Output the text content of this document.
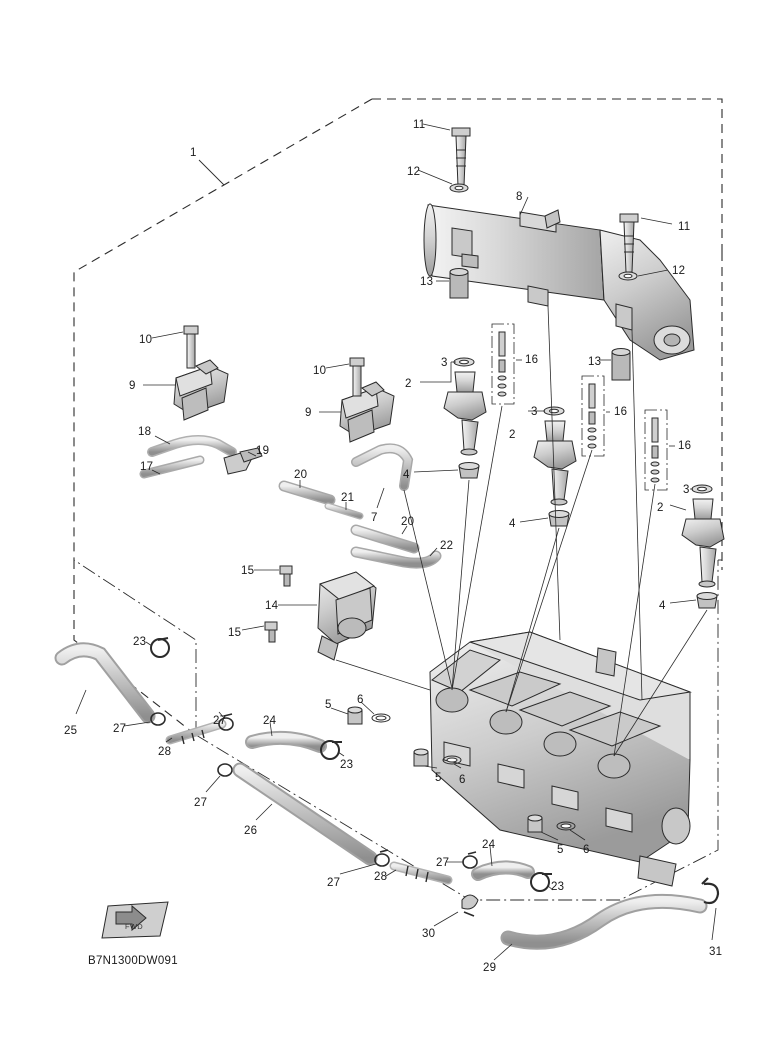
1
11
12
8
11
12
13
13
10
9
10
9
3	16
2
3	16
2
16
4
3
2
4
4
18
19
17
20
21
7 20
22
15
14
15
23
25	27
28
27	24
27
23
26
5 6
5 6
5 6
27	28
27
24
30
23
29
31
FWD
B7N1300DW091
